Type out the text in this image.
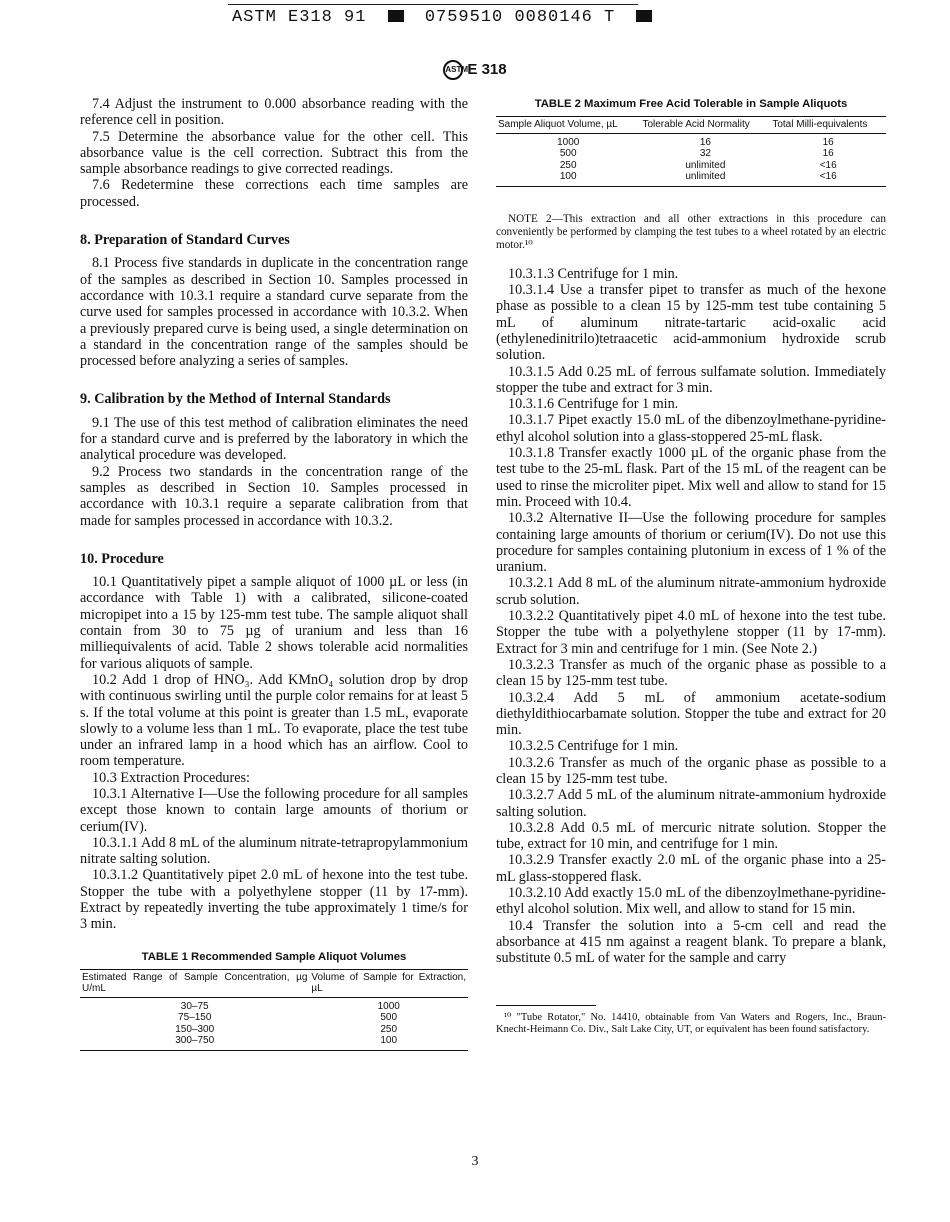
ASTM E318 91	0759510 0080146 T
ASTME 318

7.4 Adjust the instrument to 0.000 absorbance reading with the reference cell in position.

7.5 Determine the absorbance value for the other cell. This absorbance value is the cell correction. Subtract this from the sample absorbance readings to give corrected readings.

7.6 Redetermine these corrections each time samples are processed.

8. Preparation of Standard Curves

8.1 Process five standards in duplicate in the concentration range of the samples as described in Section 10. Samples processed in accordance with 10.3.1 require a standard curve separate from the curve used for samples processed in accordance with 10.3.2. When a previously prepared curve is being used, a single determination on a standard in the concentration range of the samples should be processed before analyzing a series of samples.

9. Calibration by the Method of Internal Standards

9.1 The use of this test method of calibration eliminates the need for a standard curve and is preferred by the laboratory in which the analytical procedure was developed.

9.2 Process two standards in the concentration range of the samples as described in Section 10. Samples processed in accordance with 10.3.1 require a separate calibration from that made for samples processed in accordance with 10.3.2.

10. Procedure

10.1 Quantitatively pipet a sample aliquot of 1000 µL or less (in accordance with Table 1) with a calibrated, silicone-coated micropipet into a 15 by 125-mm test tube. The sample aliquot shall contain from 30 to 75 µg of uranium and less than 16 milliequivalents of acid. Table 2 shows tolerable acid normalities for various aliquots of sample.

10.2 Add 1 drop of HNO₃. Add KMnO₄ solution drop by drop with continuous swirling until the purple color remains for at least 5 s. If the total volume at this point is greater than 1.5 mL, evaporate slowly to a volume less than 1 mL. To evaporate, place the test tube under an infrared lamp in a hood which has an airflow. Cool to room temperature.

10.3 Extraction Procedures:

10.3.1 Alternative I—Use the following procedure for all samples except those known to contain large amounts of thorium or cerium(IV).

10.3.1.1 Add 8 mL of the aluminum nitrate-tetrapropylammonium nitrate salting solution.

10.3.1.2 Quantitatively pipet 2.0 mL of hexone into the test tube. Stopper the tube with a polyethylene stopper (11 by 17-mm). Extract by repeatedly inverting the tube approximately 1 time/s for 3 min.

TABLE 1 Recommended Sample Aliquot Volumes
Estimated Range of Sample Concentration, µg U/mL	Volume of Sample for Extraction, µL
30–75	1000
75–150	500
150–300	250
300–750	100
TABLE 2 Maximum Free Acid Tolerable in Sample Aliquots
Sample Aliquot Volume, µL	Tolerable Acid Normality	Total Milli-equivalents
1000	16	16
500	32	16
250	unlimited	<16
100	unlimited	<16

NOTE 2—This extraction and all other extractions in this procedure can conveniently be performed by clamping the test tubes to a wheel rotated by an electric motor.¹⁰

10.3.1.3 Centrifuge for 1 min.

10.3.1.4 Use a transfer pipet to transfer as much of the hexone phase as possible to a clean 15 by 125-mm test tube containing 5 mL of aluminum nitrate-tartaric acid-oxalic acid (ethylenedinitrilo)tetraacetic acid-ammonium hydroxide scrub solution.

10.3.1.5 Add 0.25 mL of ferrous sulfamate solution. Immediately stopper the tube and extract for 3 min.

10.3.1.6 Centrifuge for 1 min.

10.3.1.7 Pipet exactly 15.0 mL of the dibenzoylmethane-pyridine-ethyl alcohol solution into a glass-stoppered 25-mL flask.

10.3.1.8 Transfer exactly 1000 µL of the organic phase from the test tube to the 25-mL flask. Part of the 15 mL of the reagent can be used to rinse the microliter pipet. Mix well and allow to stand for 15 min. Proceed with 10.4.

10.3.2 Alternative II—Use the following procedure for samples containing large amounts of thorium or cerium(IV). Do not use this procedure for samples containing plutonium in excess of 1 % of the uranium.

10.3.2.1 Add 8 mL of the aluminum nitrate-ammonium hydroxide scrub solution.

10.3.2.2 Quantitatively pipet 4.0 mL of hexone into the test tube. Stopper the tube with a polyethylene stopper (11 by 17-mm). Extract for 3 min and centrifuge for 1 min. (See Note 2.)

10.3.2.3 Transfer as much of the organic phase as possible to a clean 15 by 125-mm test tube.

10.3.2.4 Add 5 mL of ammonium acetate-sodium diethyldithiocarbamate solution. Stopper the tube and extract for 20 min.

10.3.2.5 Centrifuge for 1 min.

10.3.2.6 Transfer as much of the organic phase as possible to a clean 15 by 125-mm test tube.

10.3.2.7 Add 5 mL of the aluminum nitrate-ammonium hydroxide salting solution.

10.3.2.8 Add 0.5 mL of mercuric nitrate solution. Stopper the tube, extract for 10 min, and centrifuge for 1 min.

10.3.2.9 Transfer exactly 2.0 mL of the organic phase into a 25-mL glass-stoppered flask.

10.3.2.10 Add exactly 15.0 mL of the dibenzoylmethane-pyridine-ethyl alcohol solution. Mix well, and allow to stand for 15 min.

10.4 Transfer the solution into a 5-cm cell and read the absorbance at 415 nm against a reagent blank. To prepare a blank, substitute 0.5 mL of water for the sample and carry

¹⁰ "Tube Rotator," No. 14410, obtainable from Van Waters and Rogers, Inc., Braun-Knecht-Heimann Co. Div., Salt Lake City, UT, or equivalent has been found satisfactory.

3
